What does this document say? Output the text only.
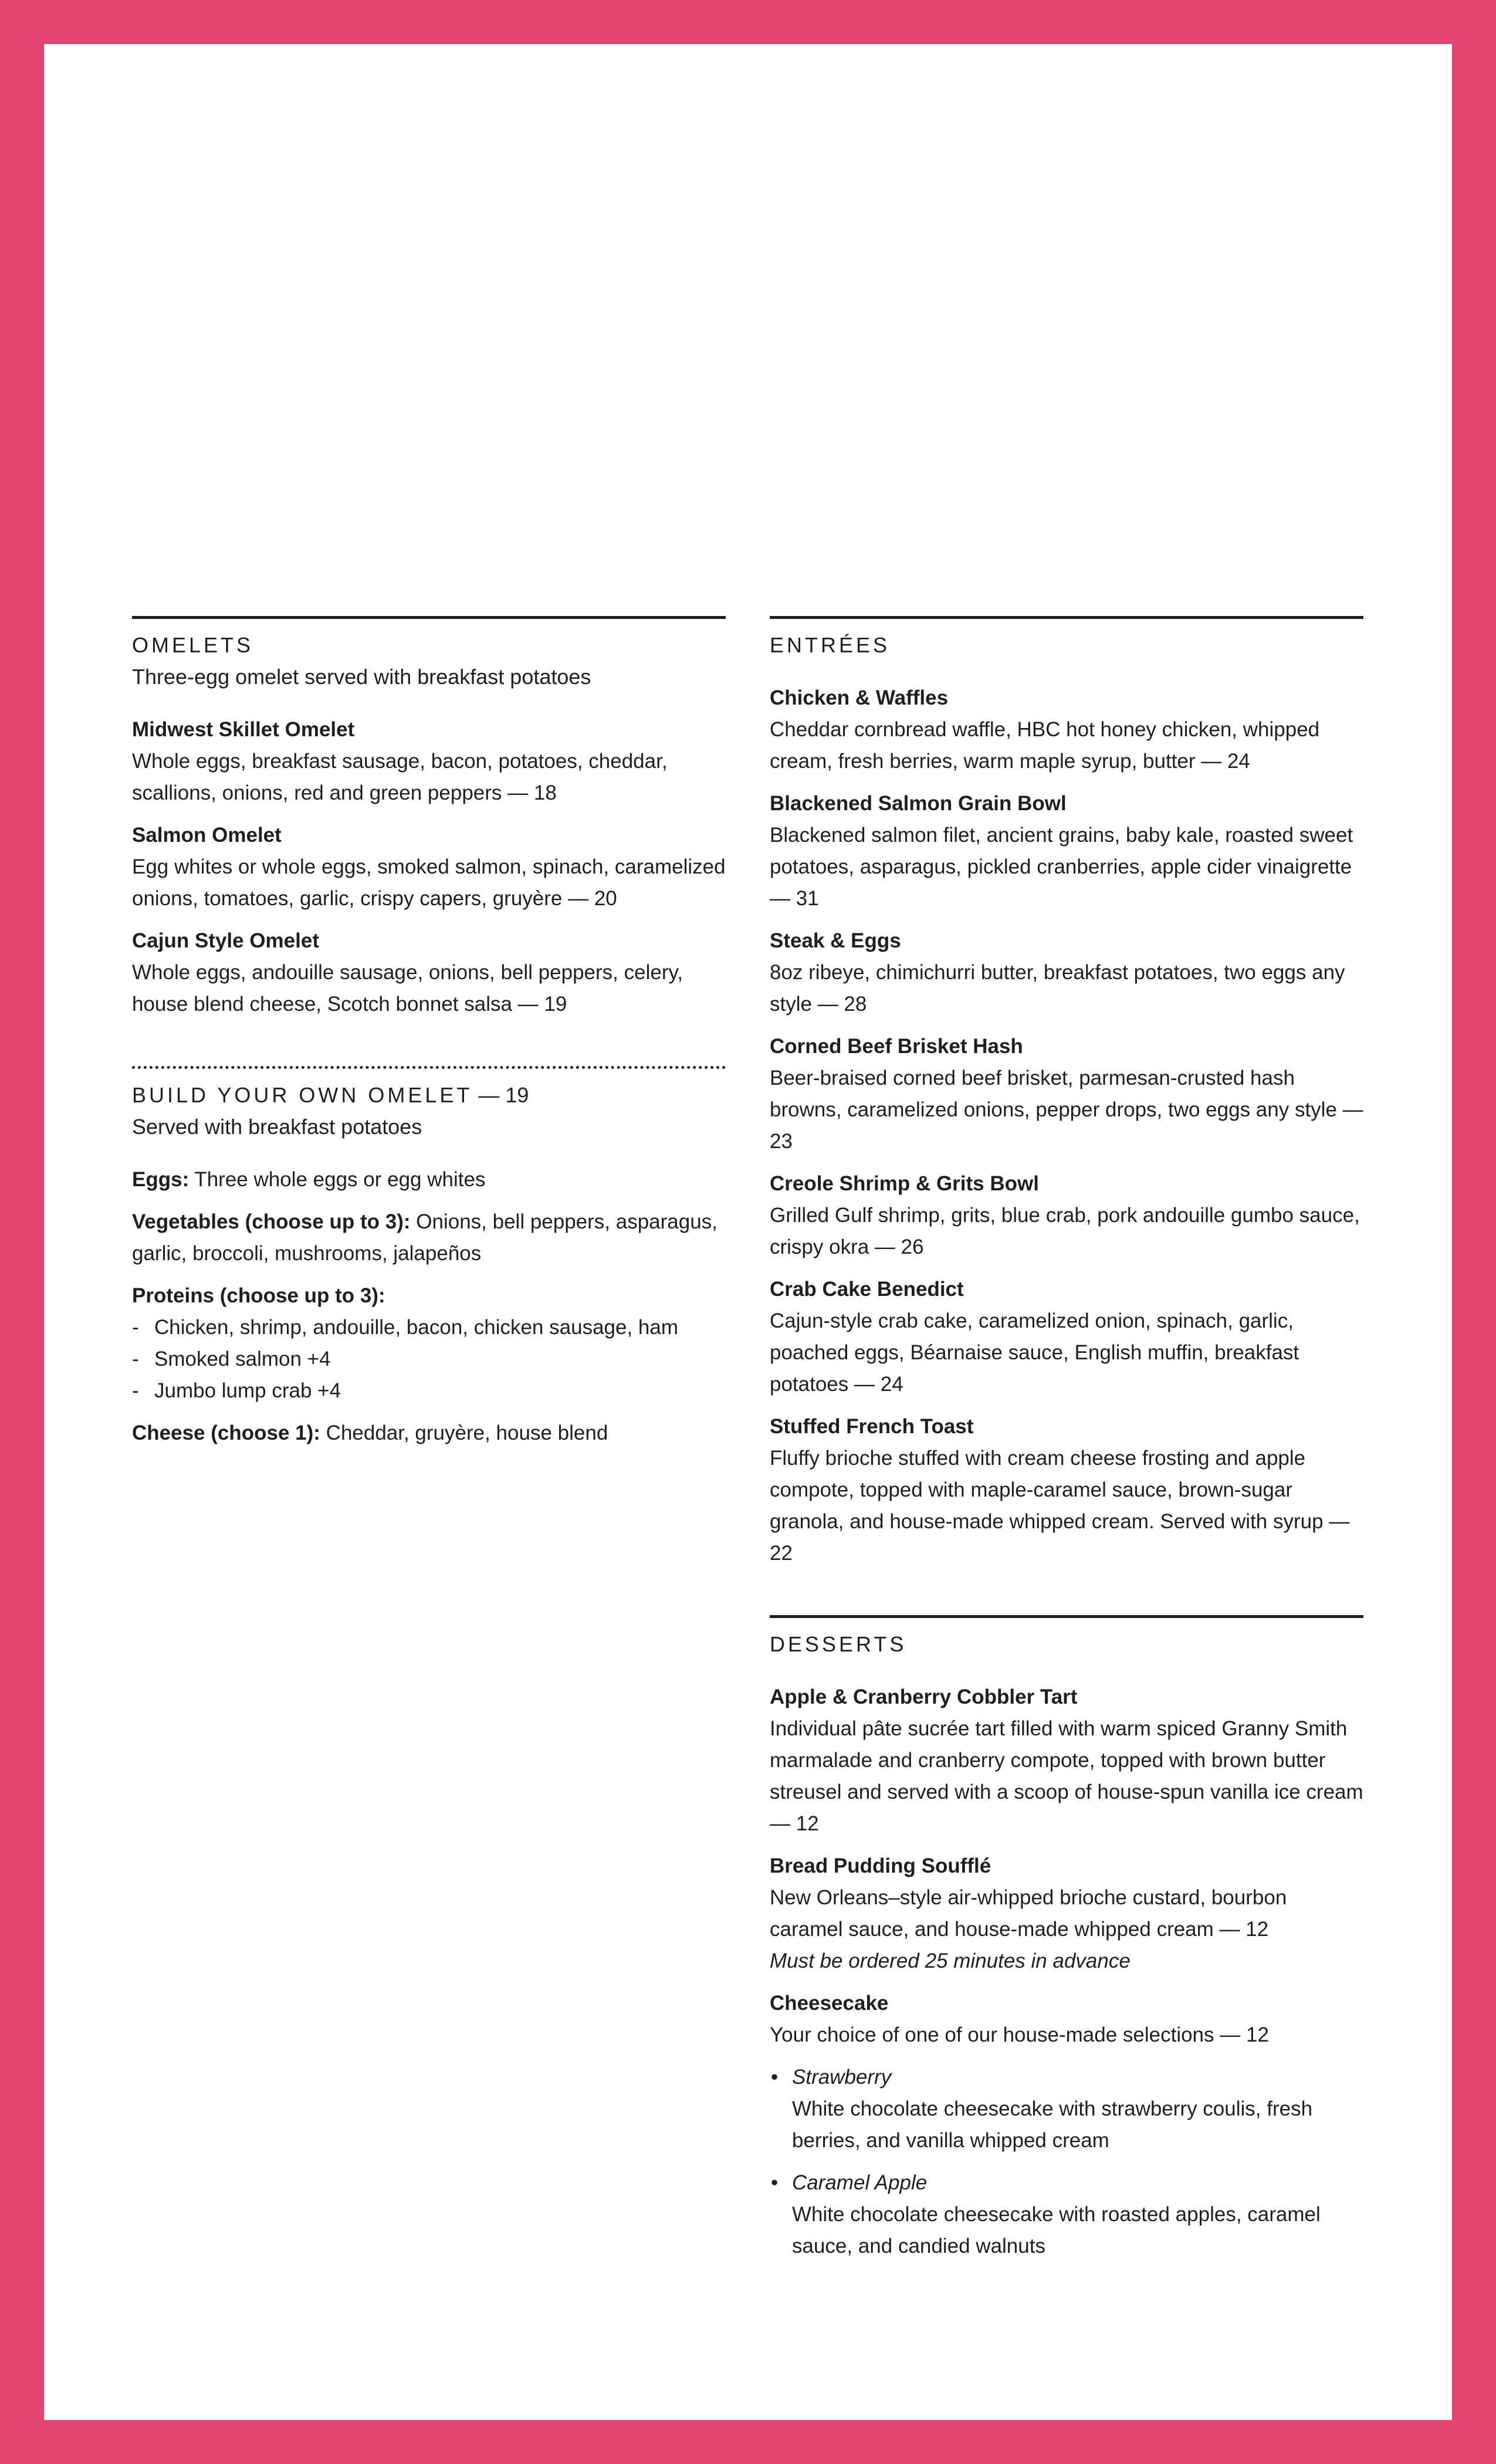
OMELETS
Three-egg omelet served with breakfast potatoes
Midwest Skillet Omelet
Whole eggs, breakfast sausage, bacon, potatoes, cheddar, scallions, onions, red and green peppers — 18
Salmon Omelet
Egg whites or whole eggs, smoked salmon, spinach, caramelized onions, tomatoes, garlic, crispy capers, gruyère — 20
Cajun Style Omelet
Whole eggs, andouille sausage, onions, bell peppers, celery, house blend cheese, Scotch bonnet salsa — 19
BUILD YOUR OWN OMELET — 19
Served with breakfast potatoes
Eggs: Three whole eggs or egg whites
Vegetables (choose up to 3): Onions, bell peppers, asparagus, garlic, broccoli, mushrooms, jalapeños
Proteins (choose up to 3):
- Chicken, shrimp, andouille, bacon, chicken sausage, ham
- Smoked salmon +4
- Jumbo lump crab +4
Cheese (choose 1): Cheddar, gruyère, house blend
ENTRÉES
Chicken & Waffles
Cheddar cornbread waffle, HBC hot honey chicken, whipped cream, fresh berries, warm maple syrup, butter — 24
Blackened Salmon Grain Bowl
Blackened salmon filet, ancient grains, baby kale, roasted sweet potatoes, asparagus, pickled cranberries, apple cider vinaigrette — 31
Steak & Eggs
8oz ribeye, chimichurri butter, breakfast potatoes, two eggs any style — 28
Corned Beef Brisket Hash
Beer-braised corned beef brisket, parmesan-crusted hash browns, caramelized onions, pepper drops, two eggs any style — 23
Creole Shrimp & Grits Bowl
Grilled Gulf shrimp, grits, blue crab, pork andouille gumbo sauce, crispy okra — 26
Crab Cake Benedict
Cajun-style crab cake, caramelized onion, spinach, garlic, poached eggs, Béarnaise sauce, English muffin, breakfast potatoes — 24
Stuffed French Toast
Fluffy brioche stuffed with cream cheese frosting and apple compote, topped with maple-caramel sauce, brown-sugar granola, and house-made whipped cream. Served with syrup — 22
DESSERTS
Apple & Cranberry Cobbler Tart
Individual pâte sucrée tart filled with warm spiced Granny Smith marmalade and cranberry compote, topped with brown butter streusel and served with a scoop of house-spun vanilla ice cream — 12
Bread Pudding Soufflé
New Orleans–style air-whipped brioche custard, bourbon caramel sauce, and house-made whipped cream — 12
Must be ordered 25 minutes in advance
Cheesecake
Your choice of one of our house-made selections — 12
• Strawberry
White chocolate cheesecake with strawberry coulis, fresh berries, and vanilla whipped cream
• Caramel Apple
White chocolate cheesecake with roasted apples, caramel sauce, and candied walnuts
